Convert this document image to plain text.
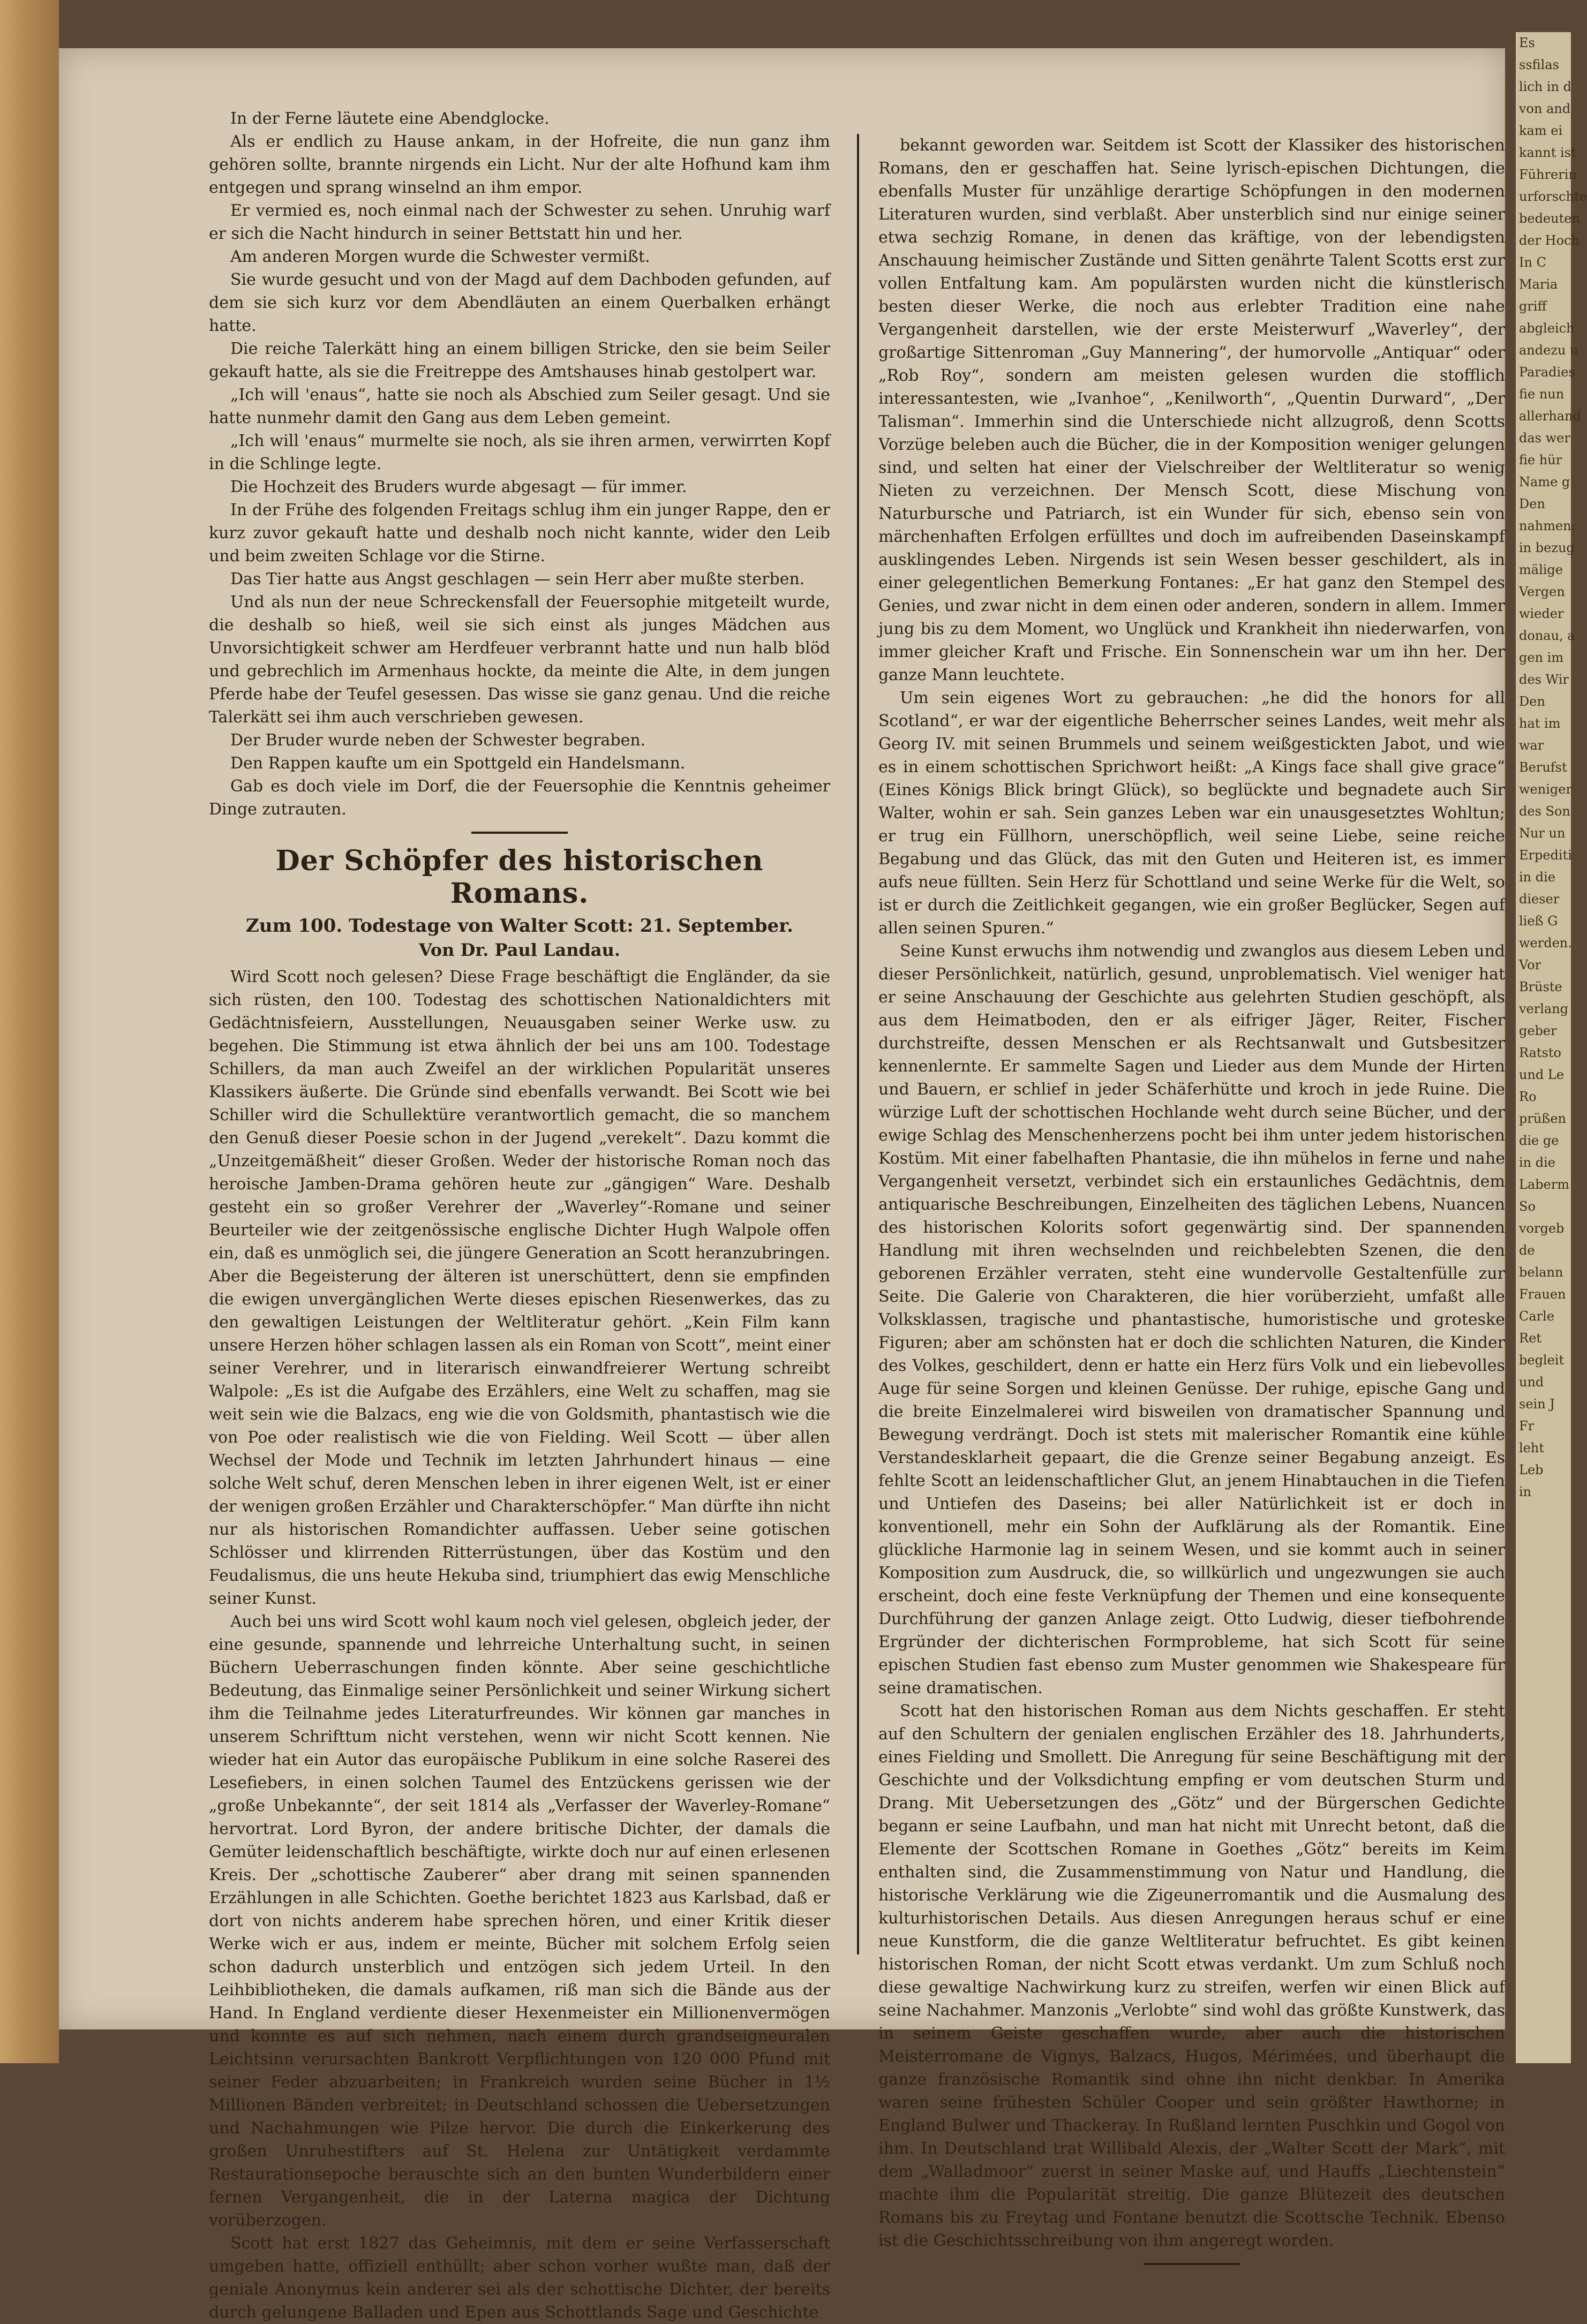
In der Ferne läutete eine Abendglocke.

Als er endlich zu Hause ankam, in der Hofreite, die nun ganz ihm gehören sollte, brannte nirgends ein Licht. Nur der alte Hofhund kam ihm entgegen und sprang winselnd an ihm empor.

Er vermied es, noch einmal nach der Schwester zu sehen. Unruhig warf er sich die Nacht hindurch in seiner Bettstatt hin und her.

Am anderen Morgen wurde die Schwester vermißt.

Sie wurde gesucht und von der Magd auf dem Dachboden gefunden, auf dem sie sich kurz vor dem Abendläuten an einem Querbalken erhängt hatte.

Die reiche Talerkätt hing an einem billigen Stricke, den sie beim Seiler gekauft hatte, als sie die Freitreppe des Amtshauses hinab gestolpert war.

„Ich will 'enaus“, hatte sie noch als Abschied zum Seiler gesagt. Und sie hatte nunmehr damit den Gang aus dem Leben gemeint.

„Ich will 'enaus“ murmelte sie noch, als sie ihren armen, verwirrten Kopf in die Schlinge legte.

Die Hochzeit des Bruders wurde abgesagt — für immer.

In der Frühe des folgenden Freitags schlug ihm ein junger Rappe, den er kurz zuvor gekauft hatte und deshalb noch nicht kannte, wider den Leib und beim zweiten Schlage vor die Stirne.

Das Tier hatte aus Angst geschlagen — sein Herr aber mußte sterben.

Und als nun der neue Schreckensfall der Feuersophie mitgeteilt wurde, die deshalb so hieß, weil sie sich einst als junges Mädchen aus Unvorsichtigkeit schwer am Herdfeuer verbrannt hatte und nun halb blöd und gebrechlich im Armenhaus hockte, da meinte die Alte, in dem jungen Pferde habe der Teufel gesessen. Das wisse sie ganz genau. Und die reiche Talerkätt sei ihm auch verschrieben gewesen.

Der Bruder wurde neben der Schwester begraben.

Den Rappen kaufte um ein Spottgeld ein Handelsmann.

Gab es doch viele im Dorf, die der Feuersophie die Kenntnis geheimer Dinge zutrauten.

Der Schöpfer des historischen Romans.
Zum 100. Todestage von Walter Scott: 21. September.
Von Dr. Paul Landau.

Wird Scott noch gelesen? Diese Frage beschäftigt die Engländer, da sie sich rüsten, den 100. Todestag des schottischen Nationaldichters mit Gedächtnisfeiern, Ausstellungen, Neuausgaben seiner Werke usw. zu begehen. Die Stimmung ist etwa ähnlich der bei uns am 100. Todestage Schillers, da man auch Zweifel an der wirklichen Popularität unseres Klassikers äußerte. Die Gründe sind ebenfalls verwandt. Bei Scott wie bei Schiller wird die Schullektüre verantwortlich gemacht, die so manchem den Genuß dieser Poesie schon in der Jugend „verekelt“. Dazu kommt die „Unzeitgemäßheit“ dieser Großen. Weder der historische Roman noch das heroische Jamben-Drama gehören heute zur „gängigen“ Ware. Deshalb gesteht ein so großer Verehrer der „Waverley“-Romane und seiner Beurteiler wie der zeitgenössische englische Dichter Hugh Walpole offen ein, daß es unmöglich sei, die jüngere Generation an Scott heranzubringen. Aber die Begeisterung der älteren ist unerschüttert, denn sie empfinden die ewigen unvergänglichen Werte dieses epischen Riesenwerkes, das zu den gewaltigen Leistungen der Weltliteratur gehört. „Kein Film kann unsere Herzen höher schlagen lassen als ein Roman von Scott“, meint einer seiner Verehrer, und in literarisch einwandfreierer Wertung schreibt Walpole: „Es ist die Aufgabe des Erzählers, eine Welt zu schaffen, mag sie weit sein wie die Balzacs, eng wie die von Goldsmith, phantastisch wie die von Poe oder realistisch wie die von Fielding. Weil Scott — über allen Wechsel der Mode und Technik im letzten Jahrhundert hinaus — eine solche Welt schuf, deren Menschen leben in ihrer eigenen Welt, ist er einer der wenigen großen Erzähler und Charakterschöpfer.“ Man dürfte ihn nicht nur als historischen Romandichter auffassen. Ueber seine gotischen Schlösser und klirrenden Ritterrüstungen, über das Kostüm und den Feudalismus, die uns heute Hekuba sind, triumphiert das ewig Menschliche seiner Kunst.

Auch bei uns wird Scott wohl kaum noch viel gelesen, obgleich jeder, der eine gesunde, spannende und lehrreiche Unterhaltung sucht, in seinen Büchern Ueberraschungen finden könnte. Aber seine geschichtliche Bedeutung, das Einmalige seiner Persönlichkeit und seiner Wirkung sichert ihm die Teilnahme jedes Literaturfreundes. Wir können gar manches in unserem Schrifttum nicht verstehen, wenn wir nicht Scott kennen. Nie wieder hat ein Autor das europäische Publikum in eine solche Raserei des Lesefiebers, in einen solchen Taumel des Entzückens gerissen wie der „große Unbekannte“, der seit 1814 als „Verfasser der Waverley-Romane“ hervortrat. Lord Byron, der andere britische Dichter, der damals die Gemüter leidenschaftlich beschäftigte, wirkte doch nur auf einen erlesenen Kreis. Der „schottische Zauberer“ aber drang mit seinen spannenden Erzählungen in alle Schichten. Goethe berichtet 1823 aus Karlsbad, daß er dort von nichts anderem habe sprechen hören, und einer Kritik dieser Werke wich er aus, indem er meinte, Bücher mit solchem Erfolg seien schon dadurch unsterblich und entzögen sich jedem Urteil. In den Leihbibliotheken, die damals aufkamen, riß man sich die Bände aus der Hand. In England verdiente dieser Hexenmeister ein Millionenvermögen und konnte es auf sich nehmen, nach einem durch grandseigneuralen Leichtsinn verursachten Bankrott Verpflichtungen von 120 000 Pfund mit seiner Feder abzuarbeiten; in Frankreich wurden seine Bücher in 1½ Millionen Bänden verbreitet; in Deutschland schossen die Uebersetzungen und Nachahmungen wie Pilze hervor. Die durch die Einkerkerung des großen Unruhestifters auf St. Helena zur Untätigkeit verdammte Restaurationsepoche berauschte sich an den bunten Wunderbildern einer fernen Vergangenheit, die in der Laterna magica der Dichtung vorüberzogen.

Scott hat erst 1827 das Geheimnis, mit dem er seine Verfasserschaft umgeben hatte, offiziell enthüllt; aber schon vorher wußte man, daß der geniale Anonymus kein anderer sei als der schottische Dichter, der bereits durch gelungene Balladen und Epen aus Schottlands Sage und Geschichte

bekannt geworden war. Seitdem ist Scott der Klassiker des historischen Romans, den er geschaffen hat. Seine lyrisch-epischen Dichtungen, die ebenfalls Muster für unzählige derartige Schöpfungen in den modernen Literaturen wurden, sind verblaßt. Aber unsterblich sind nur einige seiner etwa sechzig Romane, in denen das kräftige, von der lebendigsten Anschauung heimischer Zustände und Sitten genährte Talent Scotts erst zur vollen Entfaltung kam. Am populärsten wurden nicht die künstlerisch besten dieser Werke, die noch aus erlebter Tradition eine nahe Vergangenheit darstellen, wie der erste Meisterwurf „Waverley“, der großartige Sittenroman „Guy Mannering“, der humorvolle „Antiquar“ oder „Rob Roy“, sondern am meisten gelesen wurden die stofflich interessantesten, wie „Ivanhoe“, „Kenilworth“, „Quentin Durward“, „Der Talisman“. Immerhin sind die Unterschiede nicht allzugroß, denn Scotts Vorzüge beleben auch die Bücher, die in der Komposition weniger gelungen sind, und selten hat einer der Vielschreiber der Weltliteratur so wenig Nieten zu verzeichnen. Der Mensch Scott, diese Mischung von Naturbursche und Patriarch, ist ein Wunder für sich, ebenso sein von märchenhaften Erfolgen erfülltes und doch im aufreibenden Daseinskampf ausklingendes Leben. Nirgends ist sein Wesen besser geschildert, als in einer gelegentlichen Bemerkung Fontanes: „Er hat ganz den Stempel des Genies, und zwar nicht in dem einen oder anderen, sondern in allem. Immer jung bis zu dem Moment, wo Unglück und Krankheit ihn niederwarfen, von immer gleicher Kraft und Frische. Ein Sonnenschein war um ihn her. Der ganze Mann leuchtete.

Um sein eigenes Wort zu gebrauchen: „he did the honors for all Scotland“, er war der eigentliche Beherrscher seines Landes, weit mehr als Georg IV. mit seinen Brummels und seinem weißgestickten Jabot, und wie es in einem schottischen Sprichwort heißt: „A Kings face shall give grace“ (Eines Königs Blick bringt Glück), so beglückte und begnadete auch Sir Walter, wohin er sah. Sein ganzes Leben war ein unausgesetztes Wohltun; er trug ein Füllhorn, unerschöpflich, weil seine Liebe, seine reiche Begabung und das Glück, das mit den Guten und Heiteren ist, es immer aufs neue füllten. Sein Herz für Schottland und seine Werke für die Welt, so ist er durch die Zeitlichkeit gegangen, wie ein großer Beglücker, Segen auf allen seinen Spuren.“

Seine Kunst erwuchs ihm notwendig und zwanglos aus diesem Leben und dieser Persönlichkeit, natürlich, gesund, unproblematisch. Viel weniger hat er seine Anschauung der Geschichte aus gelehrten Studien geschöpft, als aus dem Heimatboden, den er als eifriger Jäger, Reiter, Fischer durchstreifte, dessen Menschen er als Rechtsanwalt und Gutsbesitzer kennenlernte. Er sammelte Sagen und Lieder aus dem Munde der Hirten und Bauern, er schlief in jeder Schäferhütte und kroch in jede Ruine. Die würzige Luft der schottischen Hochlande weht durch seine Bücher, und der ewige Schlag des Menschenherzens pocht bei ihm unter jedem historischen Kostüm. Mit einer fabelhaften Phantasie, die ihn mühelos in ferne und nahe Vergangenheit versetzt, verbindet sich ein erstaunliches Gedächtnis, dem antiquarische Beschreibungen, Einzelheiten des täglichen Lebens, Nuancen des historischen Kolorits sofort gegenwärtig sind. Der spannenden Handlung mit ihren wechselnden und reichbelebten Szenen, die den geborenen Erzähler verraten, steht eine wundervolle Gestaltenfülle zur Seite. Die Galerie von Charakteren, die hier vorüberzieht, umfaßt alle Volksklassen, tragische und phantastische, humoristische und groteske Figuren; aber am schönsten hat er doch die schlichten Naturen, die Kinder des Volkes, geschildert, denn er hatte ein Herz fürs Volk und ein liebevolles Auge für seine Sorgen und kleinen Genüsse. Der ruhige, epische Gang und die breite Einzelmalerei wird bisweilen von dramatischer Spannung und Bewegung verdrängt. Doch ist stets mit malerischer Romantik eine kühle Verstandesklarheit gepaart, die die Grenze seiner Begabung anzeigt. Es fehlte Scott an leidenschaftlicher Glut, an jenem Hinabtauchen in die Tiefen und Untiefen des Daseins; bei aller Natürlichkeit ist er doch in konventionell, mehr ein Sohn der Aufklärung als der Romantik. Eine glückliche Harmonie lag in seinem Wesen, und sie kommt auch in seiner Komposition zum Ausdruck, die, so willkürlich und ungezwungen sie auch erscheint, doch eine feste Verknüpfung der Themen und eine konsequente Durchführung der ganzen Anlage zeigt. Otto Ludwig, dieser tiefbohrende Ergründer der dichterischen Formprobleme, hat sich Scott für seine epischen Studien fast ebenso zum Muster genommen wie Shakespeare für seine dramatischen.

Scott hat den historischen Roman aus dem Nichts geschaffen. Er steht auf den Schultern der genialen englischen Erzähler des 18. Jahrhunderts, eines Fielding und Smollett. Die Anregung für seine Beschäftigung mit der Geschichte und der Volksdichtung empfing er vom deutschen Sturm und Drang. Mit Uebersetzungen des „Götz“ und der Bürgerschen Gedichte begann er seine Laufbahn, und man hat nicht mit Unrecht betont, daß die Elemente der Scottschen Romane in Goethes „Götz“ bereits im Keim enthalten sind, die Zusammenstimmung von Natur und Handlung, die historische Verklärung wie die Zigeunerromantik und die Ausmalung des kulturhistorischen Details. Aus diesen Anregungen heraus schuf er eine neue Kunstform, die die ganze Weltliteratur befruchtet. Es gibt keinen historischen Roman, der nicht Scott etwas verdankt. Um zum Schluß noch diese gewaltige Nachwirkung kurz zu streifen, werfen wir einen Blick auf seine Nachahmer. Manzonis „Verlobte“ sind wohl das größte Kunstwerk, das in seinem Geiste geschaffen wurde, aber auch die historischen Meisterromane de Vignys, Balzacs, Hugos, Mérimées, und überhaupt die ganze französische Romantik sind ohne ihn nicht denkbar. In Amerika waren seine frühesten Schüler Cooper und sein größter Hawthorne; in England Bulwer und Thackeray. In Rußland lernten Puschkin und Gogol von ihm. In Deutschland trat Willibald Alexis, der „Walter Scott der Mark“, mit dem „Walladmoor“ zuerst in seiner Maske auf, und Hauffs „Liechtenstein“ machte ihm die Popularität streitig. Die ganze Blütezeit des deutschen Romans bis zu Freytag und Fontane benutzt die Scottsche Technik. Ebenso ist die Geschichtsschreibung von ihm angeregt worden.

Es
ssfilas
lich in d
von and
kam ei
kannt ist
Führerin
urforschte
bedeuten
der Hoch
In C
Maria
griff
abgleich
andezu u
Paradies
fie nun
allerhand
das wer
fie hür
Name g
Den
nahmen:
in bezug
mälige
Vergen
wieder
donau, a
gen im
des Wir
Den
hat im
war
Berufst
weniger
des Son
Nur un
Erpediti
in die
dieser
ließ G
werden.
Vor
Brüste
verlang
geber
Ratsto
und Le
Ro
prüßen
die ge
in die
Laberm
So
vorgeb
de
belann
Frauen
Carle
Ret
begleit
und
sein J
Fr
leht
Leb
in
